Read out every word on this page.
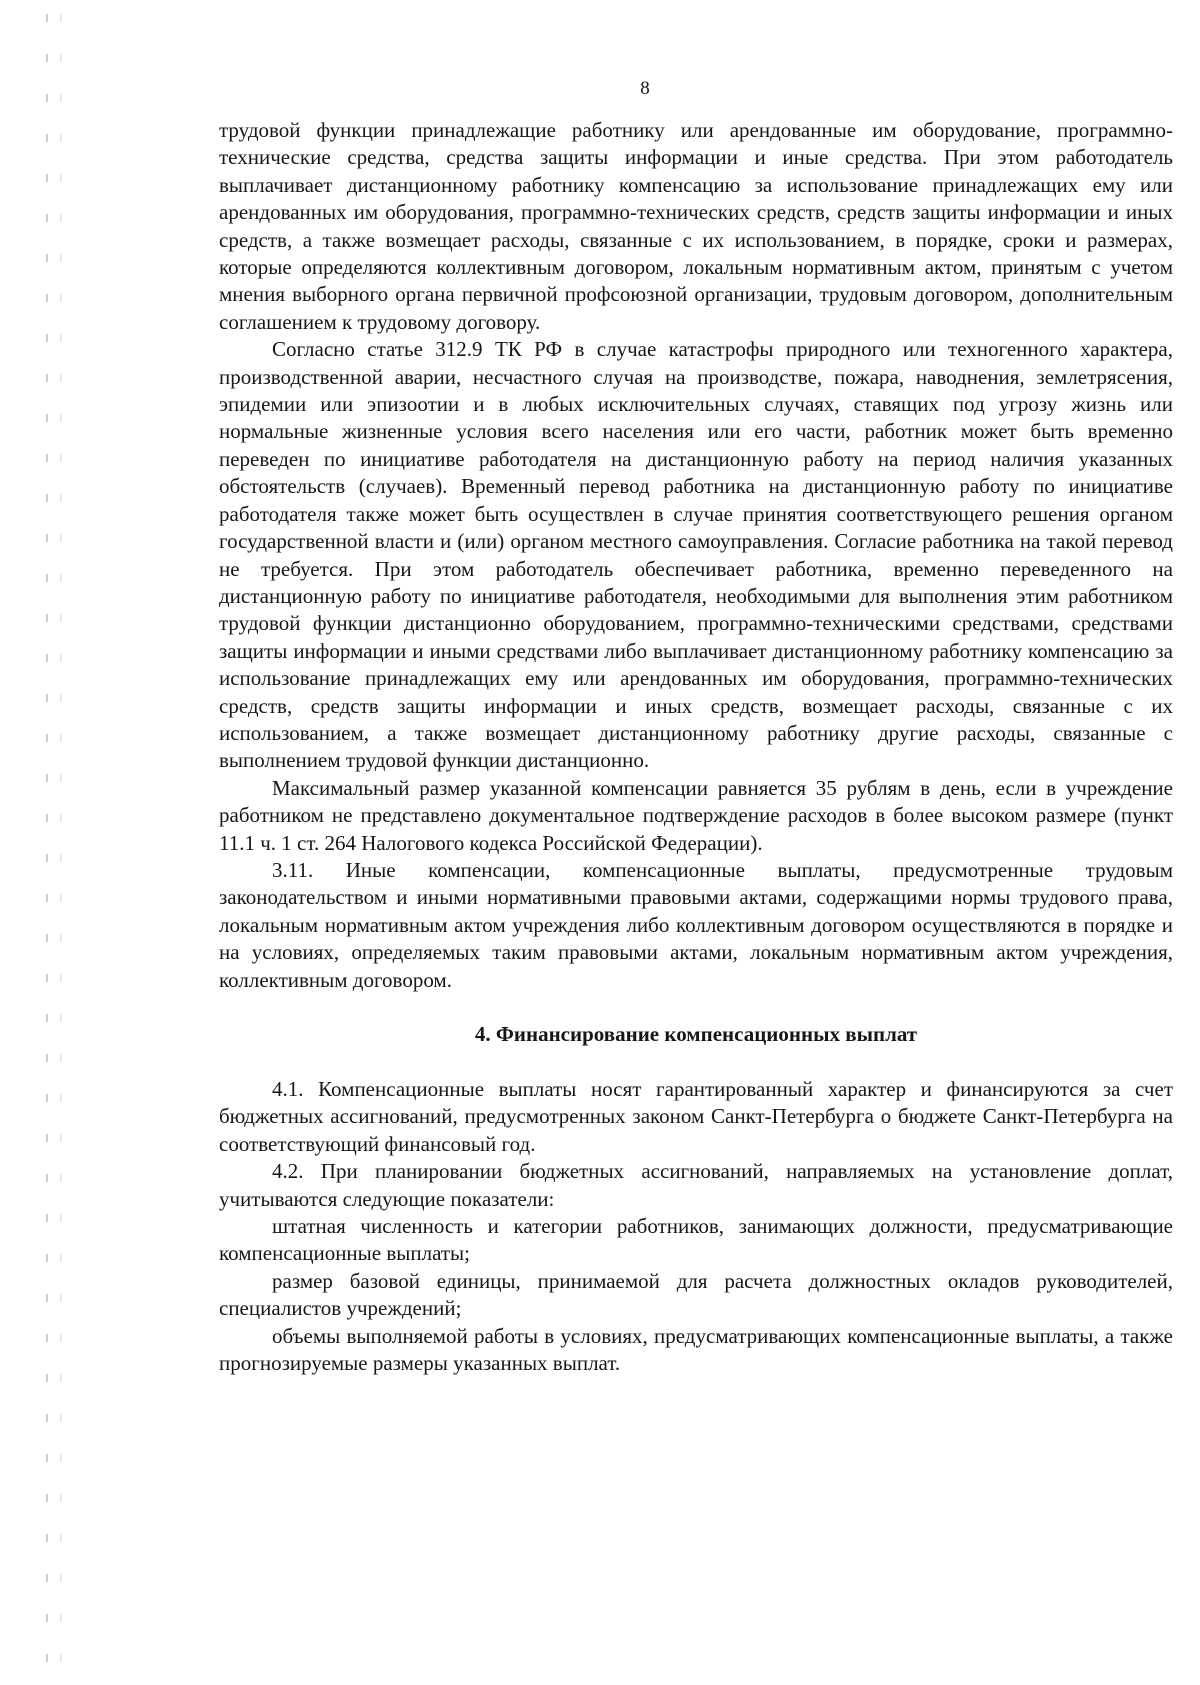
8

трудовой функции принадлежащие работнику или арендованные им оборудование, программно-технические средства, средства защиты информации и иные средства. При этом работодатель выплачивает дистанционному работнику компенсацию за использование принадлежащих ему или арендованных им оборудования, программно-технических средств, средств защиты информации и иных средств, а также возмещает расходы, связанные с их использованием, в порядке, сроки и размерах, которые определяются коллективным договором, локальным нормативным актом, принятым с учетом мнения выборного органа первичной профсоюзной организации, трудовым договором, дополнительным соглашением к трудовому договору.

Согласно статье 312.9 ТК РФ в случае катастрофы природного или техногенного характера, производственной аварии, несчастного случая на производстве, пожара, наводнения, землетрясения, эпидемии или эпизоотии и в любых исключительных случаях, ставящих под угрозу жизнь или нормальные жизненные условия всего населения или его части, работник может быть временно переведен по инициативе работодателя на дистанционную работу на период наличия указанных обстоятельств (случаев). Временный перевод работника на дистанционную работу по инициативе работодателя также может быть осуществлен в случае принятия соответствующего решения органом государственной власти и (или) органом местного самоуправления. Согласие работника на такой перевод не требуется. При этом работодатель обеспечивает работника, временно переведенного на дистанционную работу по инициативе работодателя, необходимыми для выполнения этим работником трудовой функции дистанционно оборудованием, программно-техническими средствами, средствами защиты информации и иными средствами либо выплачивает дистанционному работнику компенсацию за использование принадлежащих ему или арендованных им оборудования, программно-технических средств, средств защиты информации и иных средств, возмещает расходы, связанные с их использованием, а также возмещает дистанционному работнику другие расходы, связанные с выполнением трудовой функции дистанционно.

Максимальный размер указанной компенсации равняется 35 рублям в день, если в учреждение работником не представлено документальное подтверждение расходов в более высоком размере (пункт 11.1 ч. 1 ст. 264 Налогового кодекса Российской Федерации).

3.11. Иные компенсации, компенсационные выплаты, предусмотренные трудовым законодательством и иными нормативными правовыми актами, содержащими нормы трудового права, локальным нормативным актом учреждения либо коллективным договором осуществляются в порядке и на условиях, определяемых таким правовыми актами, локальным нормативным актом учреждения, коллективным договором.

4. Финансирование компенсационных выплат

4.1. Компенсационные выплаты носят гарантированный характер и финансируются за счет бюджетных ассигнований, предусмотренных законом Санкт-Петербурга о бюджете Санкт-Петербурга на соответствующий финансовый год.

4.2. При планировании бюджетных ассигнований, направляемых на установление доплат, учитываются следующие показатели:

штатная численность и категории работников, занимающих должности, предусматривающие компенсационные выплаты;

размер базовой единицы, принимаемой для расчета должностных окладов руководителей, специалистов учреждений;

объемы выполняемой работы в условиях, предусматривающих компенсационные выплаты, а также прогнозируемые размеры указанных выплат.
